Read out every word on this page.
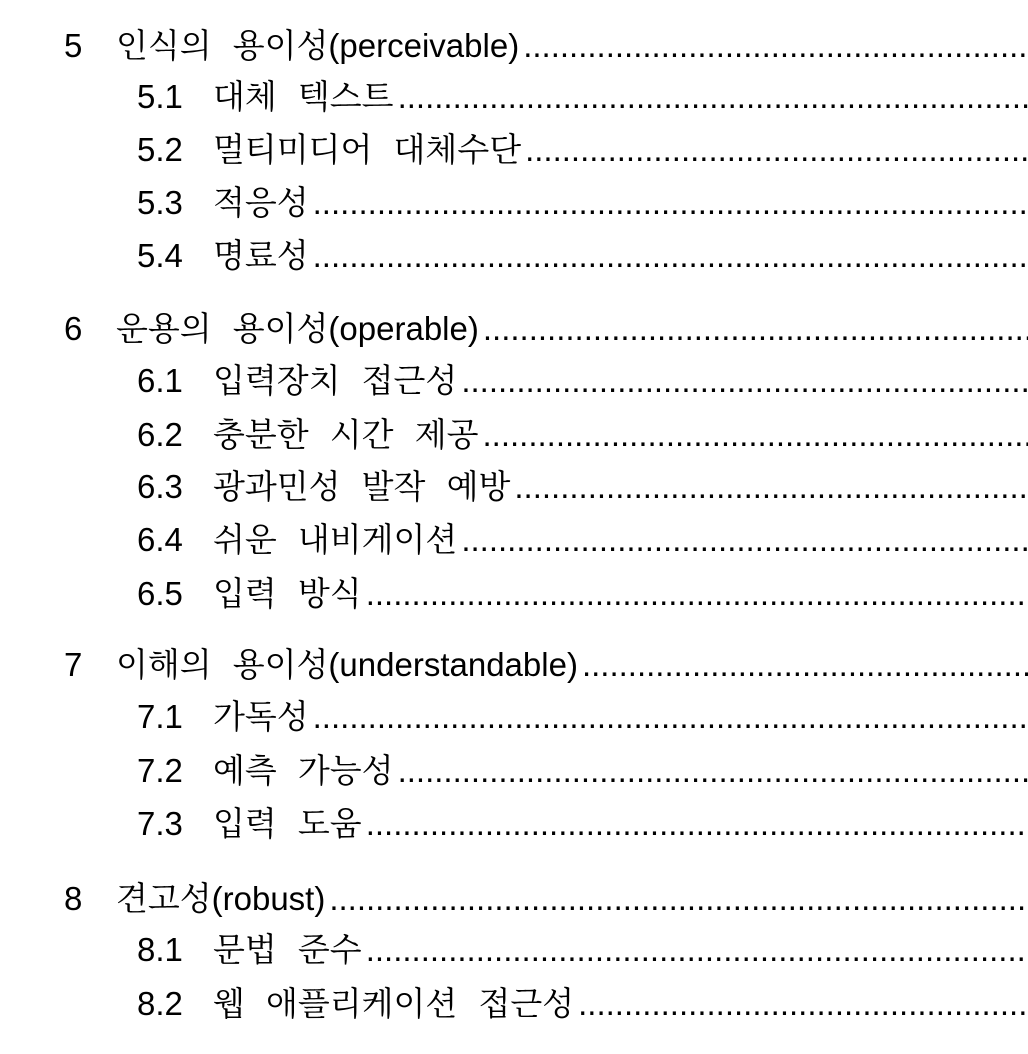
5 인식의 용이성(perceivable)
.....
5.1 대체 텍스트
.....
5.2 멀티미디어 대체수단
.....
5.3 적응성
.....
5.4 명료성
.....
6 운용의 용이성(operable)
.....
6.1 입력장치 접근성
.....
6.2 충분한 시간 제공
.....
6.3 광과민성 발작 예방
.....
6.4 쉬운 내비게이션
.....
6.5 입력 방식
.....
7 이해의 용이성(understandable)
.....
7.1 가독성
.....
7.2 예측 가능성
.....
7.3 입력 도움
.....
8 견고성(robust)
.....
8.1 문법 준수
.....
8.2 웹 애플리케이션 접근성
.....
